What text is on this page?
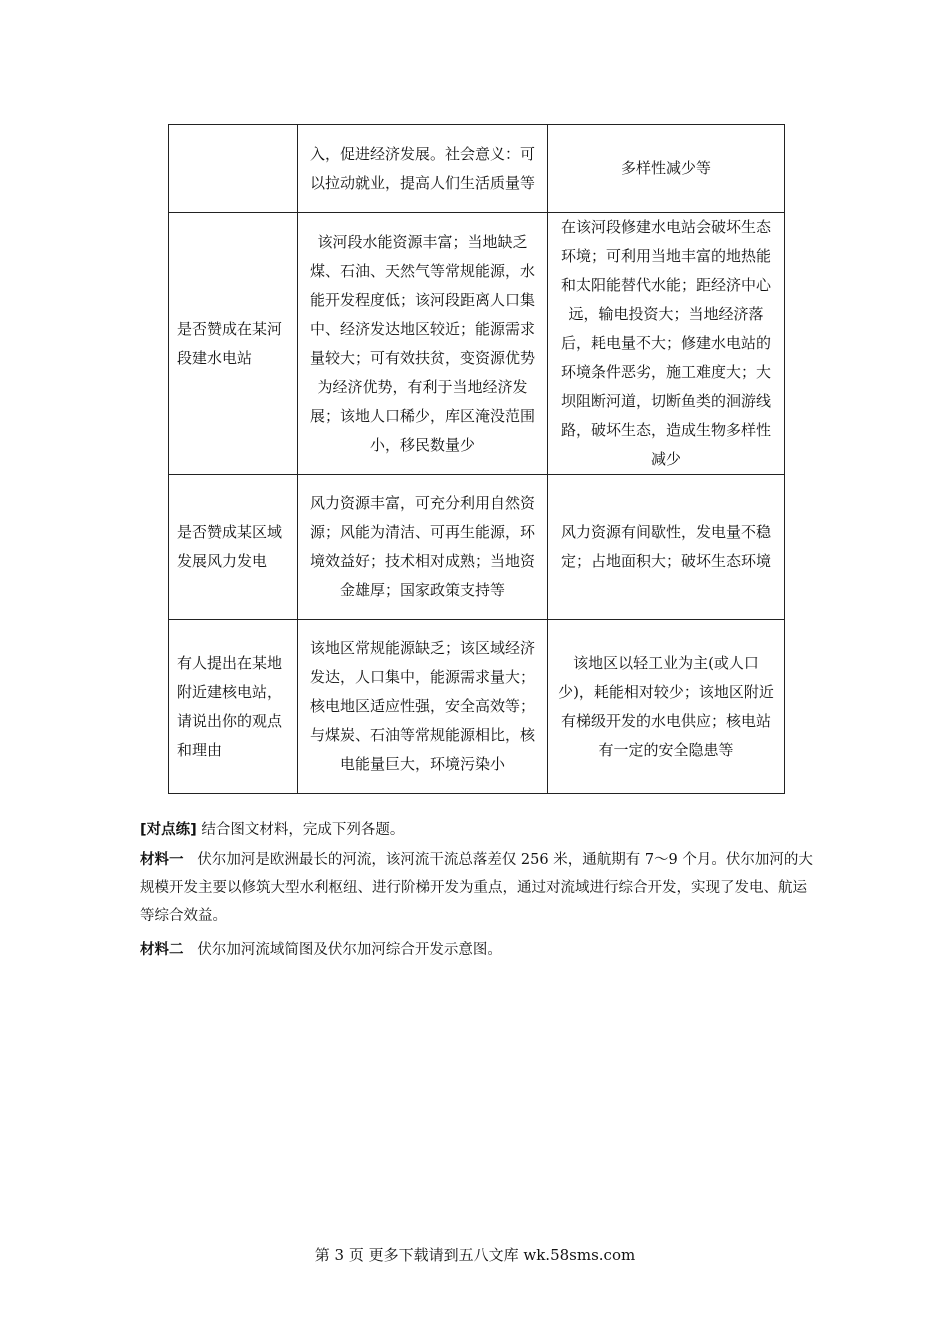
	入，促进经济发展。社会意义：可以拉动就业，提高人们生活质量等	多样性减少等
是否赞成在某河段建水电站	该河段水能资源丰富；当地缺乏煤、石油、天然气等常规能源，水能开发程度低；该河段距离人口集中、经济发达地区较近；能源需求量较大；可有效扶贫，变资源优势为经济优势，有利于当地经济发展；该地人口稀少，库区淹没范围小，移民数量少	在该河段修建水电站会破坏生态环境；可利用当地丰富的地热能和太阳能替代水能；距经济中心远，输电投资大；当地经济落后，耗电量不大；修建水电站的环境条件恶劣，施工难度大；大坝阻断河道，切断鱼类的洄游线路，破坏生态，造成生物多样性减少
是否赞成某区域发展风力发电	风力资源丰富，可充分利用自然资源；风能为清洁、可再生能源，环境效益好；技术相对成熟；当地资金雄厚；国家政策支持等	风力资源有间歇性，发电量不稳定；占地面积大；破坏生态环境
有人提出在某地附近建核电站，请说出你的观点和理由	该地区常规能源缺乏；该区域经济发达，人口集中，能源需求量大；核电地区适应性强，安全高效等；与煤炭、石油等常规能源相比，核电能量巨大，环境污染小	该地区以轻工业为主(或人口少)，耗能相对较少；该地区附近有梯级开发的水电供应；核电站有一定的安全隐患等
[对点练] 结合图文材料，完成下列各题。
材料一 伏尔加河是欧洲最长的河流，该河流干流总落差仅 256 米，通航期有 7～9 个月。伏尔加河的大规模开发主要以修筑大型水利枢纽、进行阶梯开发为重点，通过对流域进行综合开发，实现了发电、航运等综合效益。
材料二 伏尔加河流域简图及伏尔加河综合开发示意图。
第 3 页 更多下载请到五八文库 wk.58sms.com
